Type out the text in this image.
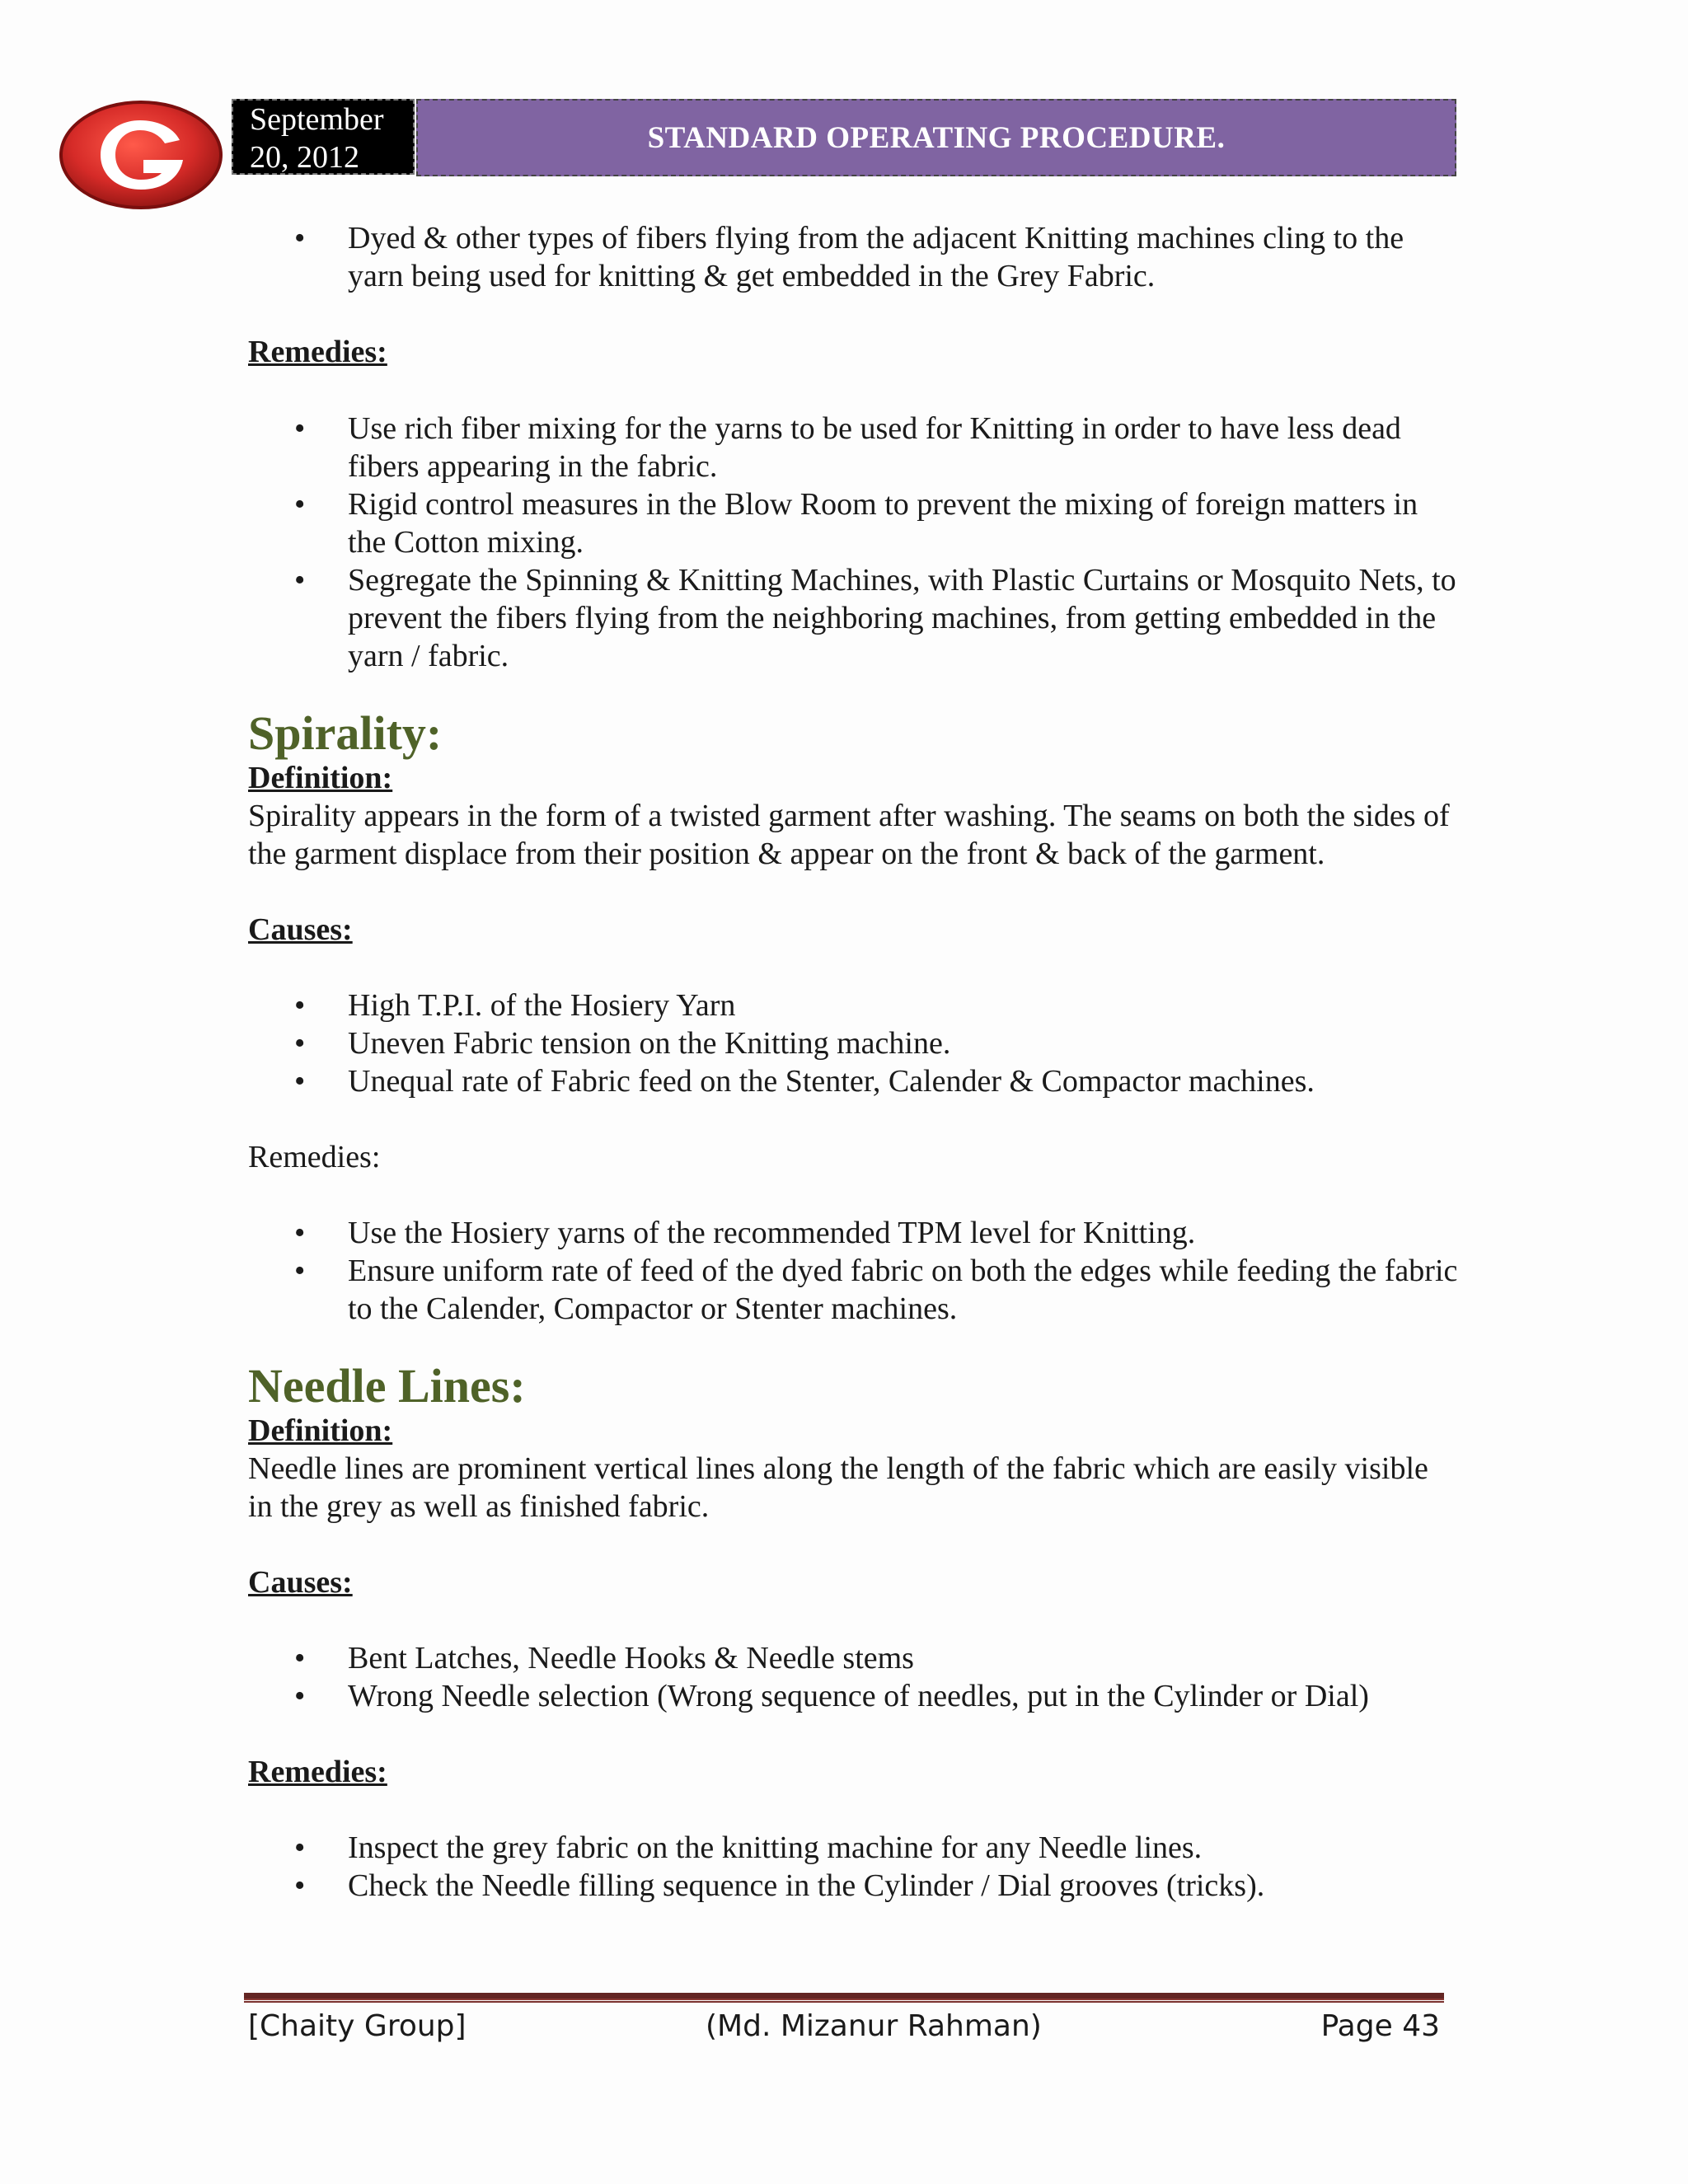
September
20, 2012
STANDARD OPERATING PROCEDURE.
• Dyed & other types of fibers flying from the adjacent Knitting machines cling to the yarn being used for knitting & get embedded in the Grey Fabric.

Remedies:

• Use rich fiber mixing for the yarns to be used for Knitting in order to have less dead fibers appearing in the fabric.
• Rigid control measures in the Blow Room to prevent the mixing of foreign matters in the Cotton mixing.
• Segregate the Spinning & Knitting Machines, with Plastic Curtains or Mosquito Nets, to prevent the fibers flying from the neighboring machines, from getting embedded in the yarn / fabric.
Spirality:

Definition:

Spirality appears in the form of a twisted garment after washing. The seams on both the sides of the garment displace from their position & appear on the front & back of the garment.

Causes:

• High T.P.I. of the Hosiery Yarn
• Uneven Fabric tension on the Knitting machine.
• Unequal rate of Fabric feed on the Stenter, Calender & Compactor machines.

Remedies:

• Use the Hosiery yarns of the recommended TPM level for Knitting.
• Ensure uniform rate of feed of the dyed fabric on both the edges while feeding the fabric to the Calender, Compactor or Stenter machines.
Needle Lines:

Definition:

Needle lines are prominent vertical lines along the length of the fabric which are easily visible in the grey as well as finished fabric.

Causes:

• Bent Latches, Needle Hooks & Needle stems
• Wrong Needle selection (Wrong sequence of needles, put in the Cylinder or Dial)

Remedies:

• Inspect the grey fabric on the knitting machine for any Needle lines.
• Check the Needle filling sequence in the Cylinder / Dial grooves (tricks).
[Chaity Group]	(Md. Mizanur Rahman)	Page 43
